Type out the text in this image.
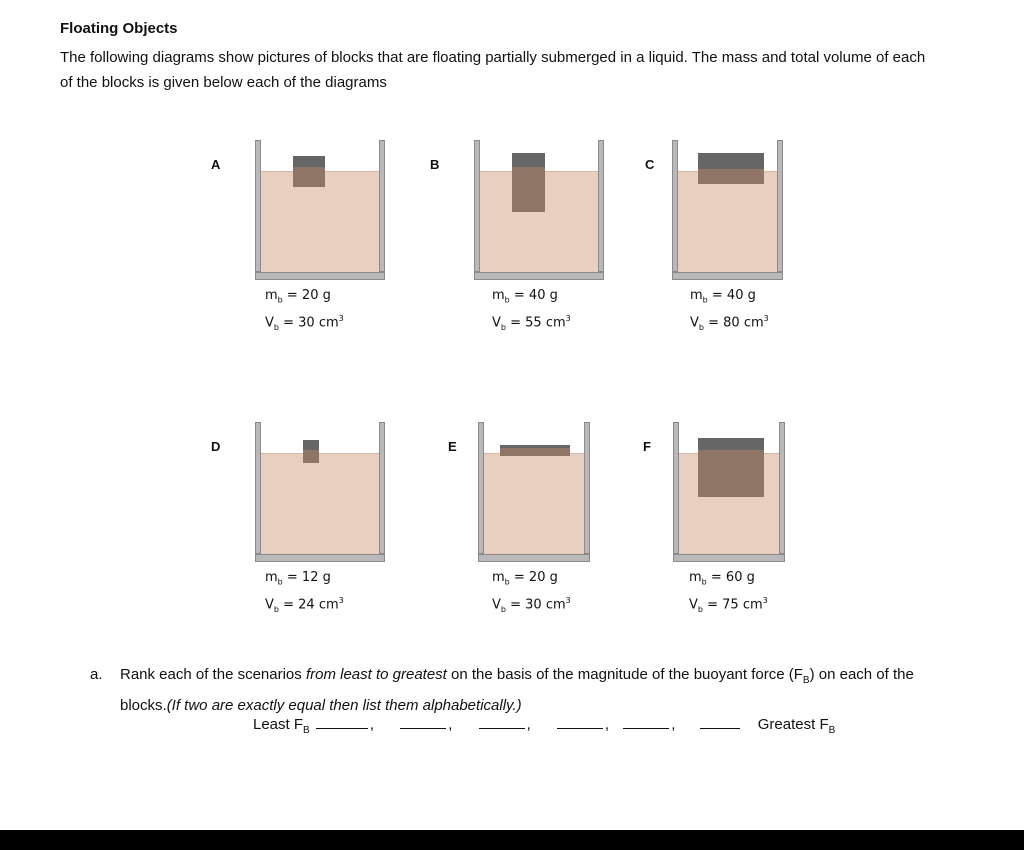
Floating Objects
The following diagrams show pictures of blocks that are floating partially submerged in a liquid. The mass and total volume of each of the blocks is given below each of the diagrams
A
$m_b = 20$ g
$V_b = 30$ $cm^3$
B
$m_b = 40$ g
$V_b = 55$ $cm^3$
C
$m_b = 40$ g
$V_b = 80$ $cm^3$
D
$m_b = 12$ g
$V_b = 24$ $cm^3$
E
$m_b = 20$ g
$V_b = 30$ $cm^3$
F
$m_b = 60$ g
$V_b = 75$ $cm^3$
a. Rank each of the scenarios from least to greatest on the basis of the magnitude of the buoyant force $(F_B)$ on each of the blocks.(If two are exactly equal then list them alphabetically.)
Least $F_B$	,	,	,	,	,	Greatest $F_B$
